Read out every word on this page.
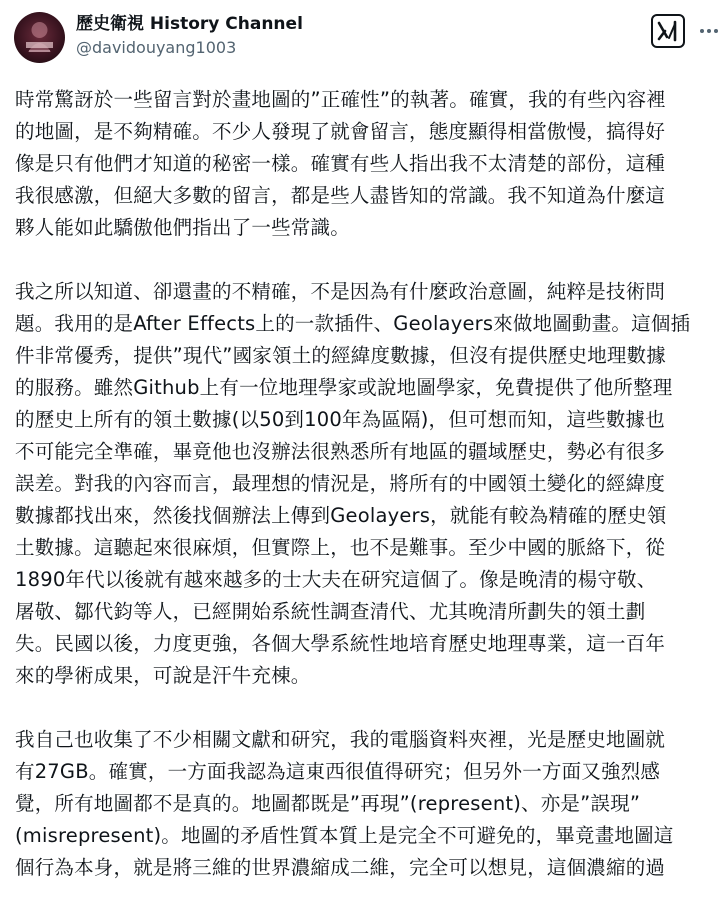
歷史衛視 History Channel
@davidouyang1003

時常驚訝於一些留言對於畫地圖的”正確性”的執著。確實，我的有些內容裡
的地圖，是不夠精確。不少人發現了就會留言，態度顯得相當傲慢，搞得好
像是只有他們才知道的秘密一樣。確實有些人指出我不太清楚的部份，這種
我很感激，但絕大多數的留言，都是些人盡皆知的常識。我不知道為什麼這
夥人能如此驕傲他們指出了一些常識。

我之所以知道、卻還畫的不精確，不是因為有什麼政治意圖，純粹是技術問
題。我用的是After Effects上的一款插件、Geolayers來做地圖動畫。這個插
件非常優秀，提供”現代”國家領土的經緯度數據，但沒有提供歷史地理數據
的服務。雖然Github上有一位地理學家或說地圖學家，免費提供了他所整理
的歷史上所有的領土數據(以50到100年為區隔)，但可想而知，這些數據也
不可能完全準確，畢竟他也沒辦法很熟悉所有地區的疆域歷史，勢必有很多
誤差。對我的內容而言，最理想的情況是，將所有的中國領土變化的經緯度
數據都找出來，然後找個辦法上傳到Geolayers，就能有較為精確的歷史領
土數據。這聽起來很麻煩，但實際上，也不是難事。至少中國的脈絡下，從
1890年代以後就有越來越多的士大夫在研究這個了。像是晚清的楊守敬、
屠敬、鄒代鈞等人，已經開始系統性調查清代、尤其晚清所劃失的領土劃
失。民國以後，力度更強，各個大學系統性地培育歷史地理專業，這一百年
來的學術成果，可說是汗牛充棟。

我自己也收集了不少相關文獻和研究，我的電腦資料夾裡，光是歷史地圖就
有27GB。確實，一方面我認為這東西很值得研究；但另外一方面又強烈感
覺，所有地圖都不是真的。地圖都既是”再現”(represent)、亦是”誤現”
(misrepresent)。地圖的矛盾性質本質上是完全不可避免的，畢竟畫地圖這
個行為本身，就是將三維的世界濃縮成二維，完全可以想見，這個濃縮的過
